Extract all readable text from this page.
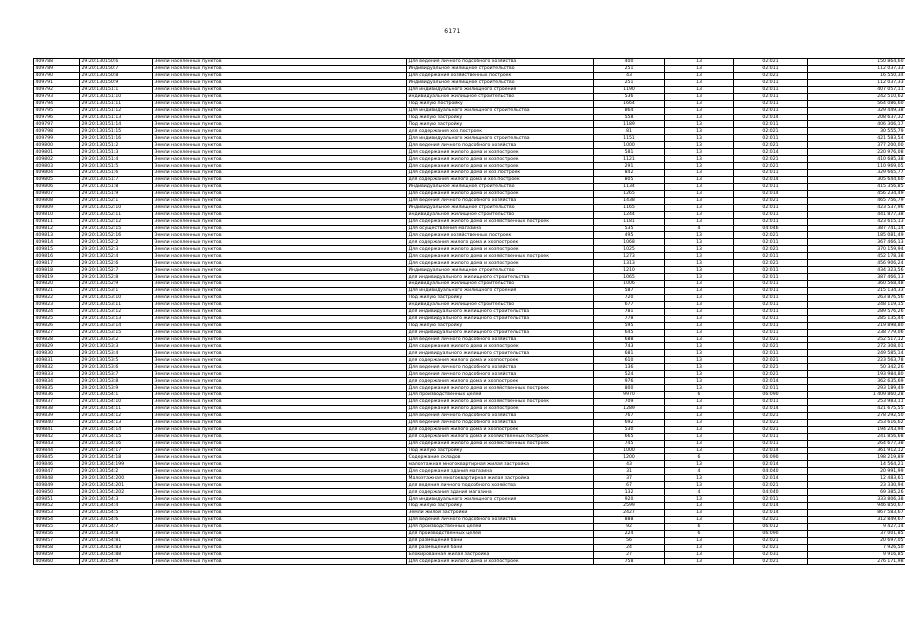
6171
409788	29:20:130150:6	Земли населенных пунктов	Для ведения личного подсобного хозяйства	400	13	02:021	150 864,60
409789	29:20:130150:7	Земли населенных пунктов	Индивидуальное жилищное строительство	251	13	02:011	112 037,33
409790	29:20:130150:8	Земли населенных пунктов	Для содержания хозяйственных построек	43	13	02:021	16 550,34
409791	29:20:130150:9	Земли населенных пунктов	Индивидуальное жилищное строительство	251	13	02:011	112 037,33
409792	29:20:130151:1	Земли населенных пунктов	Для индивидуального жилищного строения	1190	13	02:011	407 057,11
409793	29:20:130151:10	Земли населенных пунктов	индивидуальное жилищное строительство	536	13	02:011	242 510,62
409794	29:20:130151:11	Земли населенных пунктов	Под жилую постройку	1664	13	02:011	564 086,60
409795	29:20:130151:12	Земли населенных пунктов	Для индивидуального жилищного строительства	864	13	02:011	329 449,38
409796	29:20:130151:13	Земли населенных пунктов	Под жилую застройку	558	13	02:014	208 637,32
409797	29:20:130151:14	Земли населенных пунктов	Под жилую застройку	1189	13	02:011	406 306,17
409798	29:20:130151:15	Земли населенных пунктов	для содержания хоз.построек	81	13	02:021	30 555,79
409799	29:20:130151:16	Земли населенных пунктов	Для индивидуального жилищного строительства	1151	13	02:011	421 583,54
409800	29:20:130151:2	Земли населенных пунктов	Для ведения личного подсобного хозяйства	1000	13	02:021	377 200,00
409801	29:20:130151:3	Земли населенных пунктов	Для содержания жилого дома и хозпостроек	581	13	02:014	220 976,08
409802	29:20:130151:4	Земли населенных пунктов	Для содержания жилого дома и хозпостроек	1121	13	02:021	410 685,38
409803	29:20:130151:5	Земли населенных пунктов	Для содержания жилого дома и хозпостроек	291	13	02:021	110 969,05
409804	29:20:130151:6	Земли населенных пунктов	Для содержания жилого дома и хоз.построек	842	13	02:011	329 665,77
409805	29:20:130151:7	Земли населенных пунктов	для содержания жилого дома и хоз.построек	805	13	02:014	305 644,60
409806	29:20:130151:8	Земли населенных пунктов	Индивидуальное жилищное строительство	1134	13	02:011	415 356,85
409807	29:20:130151:9	Земли населенных пунктов	Для содержания жилого дома и хозпостроек	1265	13	02:014	456 234,49
409808	29:20:130152:1	Земли населенных пунктов	Для ведения личного подсобного хозяйства	1438	13	02:021	465 756,79
409809	29:20:130152:10	Земли населенных пунктов	Индивидуальное жилищное строительство	1165	13	02:011	423 537,96
409810	29:20:130152:11	Земли населенных пунктов	индивидуальное жилищное строительство	1244	13	02:011	441 877,38
409811	29:20:130152:12	Земли населенных пунктов	Для содержания жилого дома и хозяйственных построек	1181	13	02:011	423 615,13
409812	29:20:130152:15	Земли населенных пунктов	Для оcуществления магазина	535	4	04:046	387 741,14
409813	29:20:130152:16	Земли населенных пунктов	Для содержания хозяйственных построек	495	13	02:021	185 081,49
409814	29:20:130152:2	Земли населенных пунктов	для содержания жилого дома и хозпостроек	1068	13	02:011	367 466,13
409815	29:20:130152:3	Земли населенных пунктов	Для содержания жилого дома и хозпостроек	1025	13	02:021	370 159,94
409816	29:20:130152:4	Земли населенных пунктов	Для содержания жилого дома и хозяйственных построек	1273	13	02:011	452 178,38
409817	29:20:130152:6	Земли населенных пунктов	Для содержания жилого дома и хозпостроек	1313	13	02:021	456 906,24
409818	29:20:130152:7	Земли населенных пунктов	Индивидуальное жилищное строительство	1210	13	02:011	434 323,56
409819	29:20:130152:8	Земли населенных пунктов	для индивидуального жилищного строительства	1065	13	02:011	387 466,13
409820	29:20:130152:9	Земли населенных пунктов	индивидуальное жилищное строительство	1006	13	02:011	360 568,48
409821	29:20:130153:1	Земли населенных пунктов	Для индивидуального жилищного строения	587	13	02:011	215 134,33
409822	29:20:130153:10	Земли населенных пунктов	Под жилую застройку	720	13	02:011	263 876,56
409823	29:20:130153:11	Земли населенных пунктов	индивидуальное жилищное строительство	677	13	02:011	248 119,15
409824	29:20:130153:12	Земли населенных пунктов	для индивидуального жилищного строительства	781	13	02:011	289 576,26
409825	29:20:130153:13	Земли населенных пунктов	для индивидуального жилищного строительства	778	13	02:011	285 135,44
409826	29:20:130153:14	Земли населенных пунктов	Под жилую застройку	595	13	02:011	219 898,80
409827	29:20:130153:15	Земли населенных пунктов	для индивидуального жилищного строительства	645	13	02:011	238 779,06
409828	29:20:130153:2	Земли населенных пунктов	Для ведения личного подсобного хозяйства	688	13	02:021	252 517,12
409829	29:20:130153:3	Земли населенных пунктов	Для содержания жилого дома и хозпостроек	743	13	02:021	272 308,01
409830	29:20:130153:4	Земли населенных пунктов	для индивидуального жилищного строительства	681	13	02:011	249 585,14
409831	29:20:130153:5	Земли населенных пунктов	для содержания жилого дома и хозпостроек	610	13	02:021	223 563,78
409832	29:20:130153:6	Земли населенных пунктов	Для ведения личного подсобного хозяйства	136	13	02:021	50 342,26
409833	29:20:130153:7	Земли населенных пунктов	Для ведения личного подсобного хозяйства	524	13	02:021	193 984,80
409834	29:20:130153:8	Земли населенных пунктов	для содержания жилого дома и хозпостроек	976	13	02:014	362 635,69
409835	29:20:130153:9	Земли населенных пунктов	Для содержания жилого дома и хозяйственных построек	800	13	02:011	293 189,49
409836	29:20:130154:1	Земли населенных пунктов	Для производственных целей	9970	6	06:090	1 409 860,28
409837	29:20:130154:10	Земли населенных пунктов	Для содержания жилого дома и хозяйственных построек	709	13	02:011	253 983,11
409838	29:20:130154:11	Земли населенных пунктов	Для содержания жилого дома и хозпостроек	1289	13	02:014	421 675,55
409839	29:20:130154:12	Земли населенных пунктов	Для ведения личного подсобного хозяйства	767	13	02:021	278 292,50
409840	29:20:130154:13	Земли населенных пунктов	Для ведения личного подсобного хозяйства	692	13	02:021	253 616,62
409841	29:20:130154:14	Земли населенных пунктов	для содержания жилого дома и хозпостроек	530	13	02:021	194 243,94
409842	29:20:130154:15	Земли населенных пунктов	для содержания жилого дома и хозяйственных построек	665	13	02:011	241 856,68
409843	29:20:130154:16	Земли населенных пунктов	Для содержания жилого дома и хозяйственных построек	745	13	02:011	264 677,38
409844	29:20:130154:17	Земли населенных пунктов	Под жилую застройку	1000	13	02:014	361 912,12
409845	29:20:130154:18	Земли населенных пунктов	Содержание складов	1200	6	06:090	198 219,89
409846	29:20:130154:199	Земли населенных пунктов	малоэтажная многоквартирная жилая застройка	43	13	02:014	14 564,21
409847	29:20:130154:2	Земли населенных пунктов	Для содержания здания магазина	31	4	04:040	20 991,99
409848	29:20:130154:200	Земли населенных пунктов	Малоэтажная многоквартирная жилая застройка	37	13	02:014	12 483,61
409849	29:20:130154:201	Земли населенных пунктов	для ведения личного подсобного хозяйства	67	13	02:021	23 330,94
409850	29:20:130154:202	Земли населенных пунктов	для содержания здания магазина	132	4	04:040	69 385,26
409851	29:20:130154:3	Земли населенных пунктов	Для индивидуального жилищного строения	920	13	02:011	333 806,38
409852	29:20:130154:4	Земли населенных пунктов	Под жилую застройку	2599	13	02:014	946 850,67
409853	29:20:130154:5	Земли населенных пунктов	Земли жилой застройки	2427	13	02:014	867 583,67
409854	29:20:130154:6	Земли населенных пунктов	Для ведения личного подсобного хозяйства	888	13	02:021	312 849,67
409855	29:20:130154:7	Земли населенных пунктов	Для производственных целей	92	6	06:012	9 427,14
409856	29:20:130154:8	Земли населенных пунктов	для производственных целей	224	6	06:090	37 001,85
409857	29:20:130154:81	Земли населенных пунктов	для размещения бани	56	13	02:021	20 697,05
409858	29:20:130154:83	Земли населенных пунктов	для размещения бани	24	13	02:021	7 926,50
409859	29:20:130154:88	Земли населенных пунктов	Блокированная жилая застройка	27	13	02:031	9 916,85
409860	29:20:130154:9	Земли населенных пунктов	Для содержания жилого дома и хозпостроек	758	13	02:021	276 171,98
